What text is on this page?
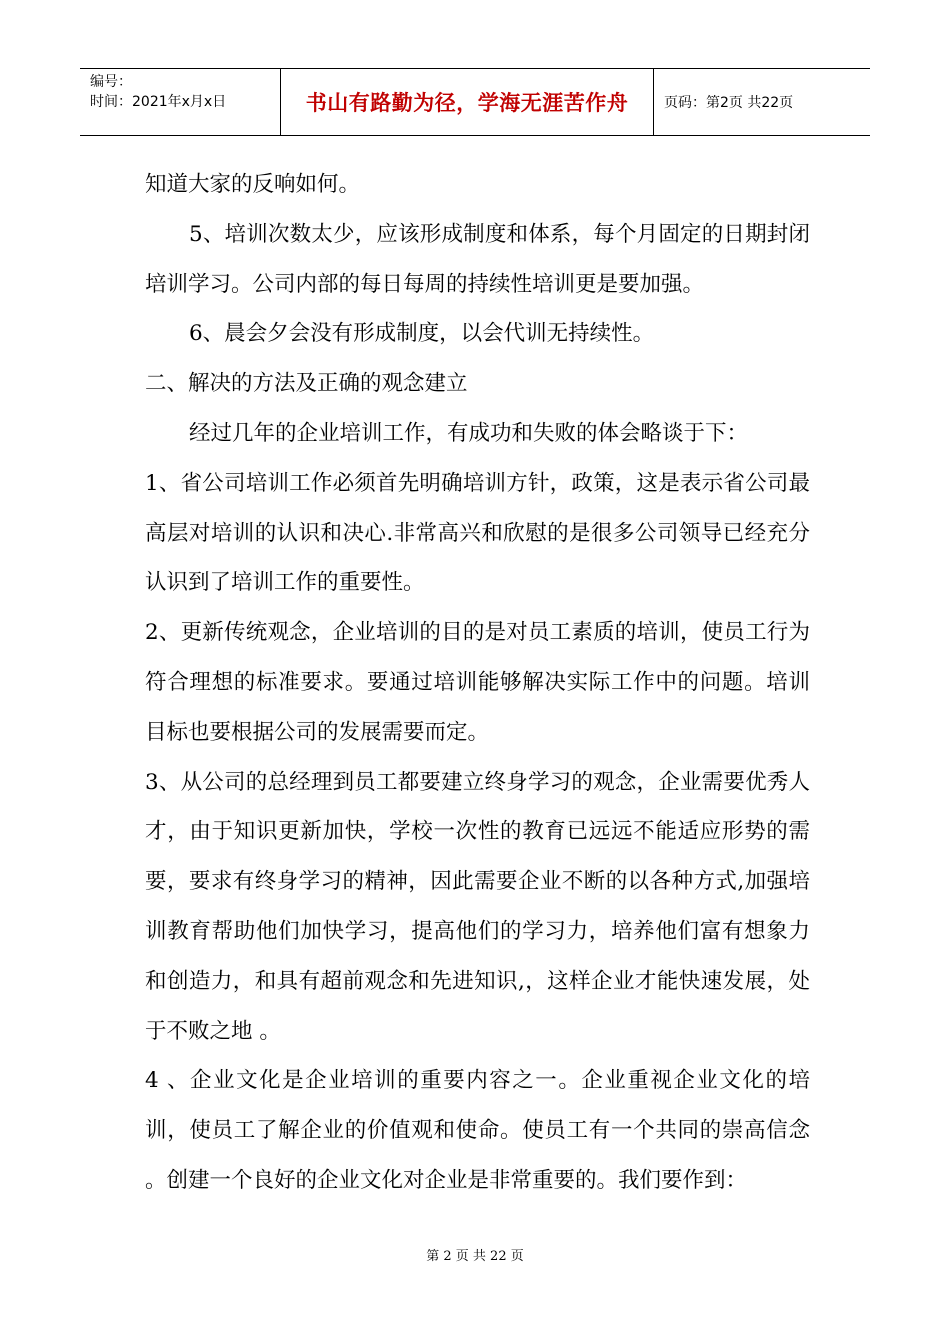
编号：
时间：2021年x月x日	书山有路勤为径，学海无涯苦作舟	页码：第2页 共22页

知道大家的反响如何。

5、培训次数太少，应该形成制度和体系，每个月固定的日期封闭培训学习。公司内部的每日每周的持续性培训更是要加强。

6、晨会夕会没有形成制度，以会代训无持续性。

二、解决的方法及正确的观念建立

经过几年的企业培训工作，有成功和失败的体会略谈于下：

1、省公司培训工作必须首先明确培训方针，政策，这是表示省公司最高层对培训的认识和决心.非常高兴和欣慰的是很多公司领导已经充分认识到了培训工作的重要性。

2、更新传统观念，企业培训的目的是对员工素质的培训，使员工行为符合理想的标准要求。要通过培训能够解决实际工作中的问题。培训目标也要根据公司的发展需要而定。

3、从公司的总经理到员工都要建立终身学习的观念，企业需要优秀人才，由于知识更新加快，学校一次性的教育已远远不能适应形势的需要，要求有终身学习的精神，因此需要企业不断的以各种方式,加强培训教育帮助他们加快学习，提高他们的学习力，培养他们富有想象力和创造力，和具有超前观念和先进知识,，这样企业才能快速发展，处于不败之地 。

4 、企业文化是企业培训的重要内容之一。企业重视企业文化的培训，使员工了解企业的价值观和使命。使员工有一个共同的崇高信念 。创建一个良好的企业文化对企业是非常重要的。我们要作到：

第 2 页 共 22 页
